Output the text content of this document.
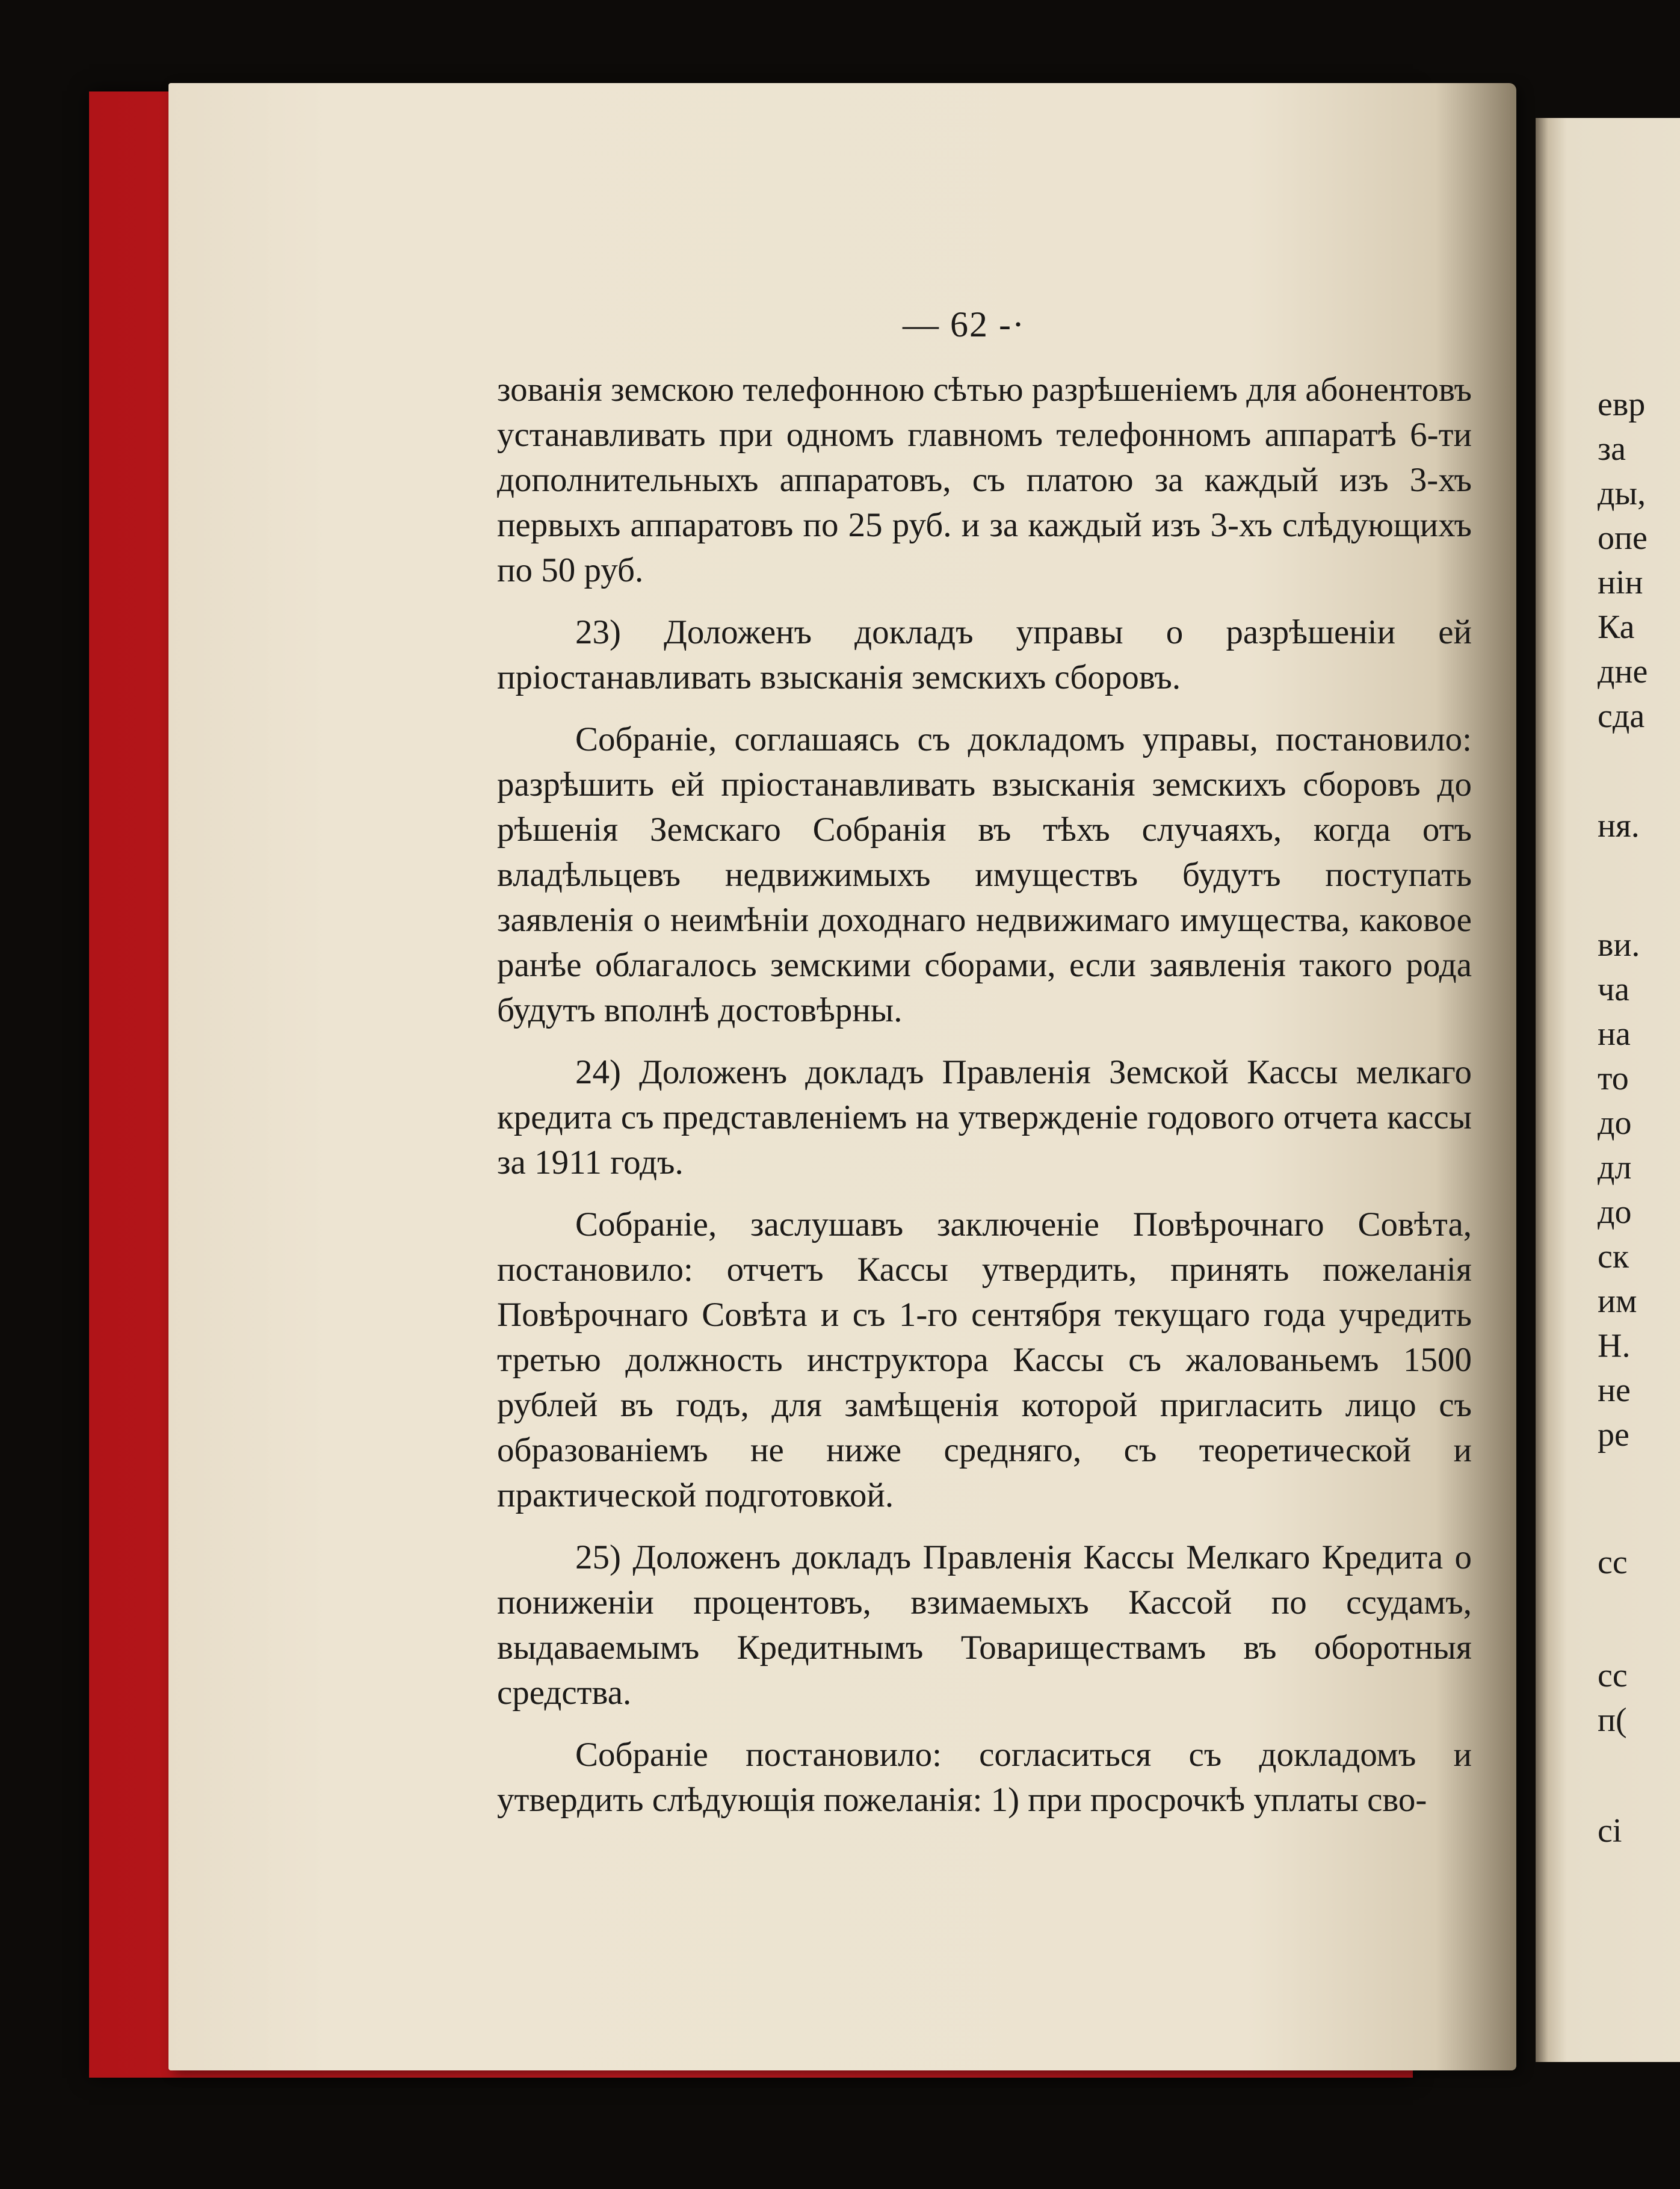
— 62 -·

зованія земскою телефонною сѣтью разрѣшеніемъ для абонентовъ устанавливать при одномъ главномъ телефонномъ аппаратѣ 6-ти дополнительныхъ аппаратовъ, съ платою за каждый изъ 3-хъ первыхъ аппаратовъ по 25 руб. и за каждый изъ 3-хъ слѣдующихъ по 50 руб.

23) Доложенъ докладъ управы о разрѣшеніи ей пріостанавливать взысканія земскихъ сборовъ.

Собраніе, соглашаясь съ докладомъ управы, постановило: разрѣшить ей пріостанавливать взысканія земскихъ сборовъ до рѣшенія Земскаго Собранія въ тѣхъ случаяхъ, когда отъ владѣльцевъ недвижимыхъ имуществъ будутъ поступать заявленія о неимѣніи доходнаго недвижимаго имущества, каковое ранѣе облагалось земскими сборами, если заявленія такого рода будутъ вполнѣ достовѣрны.

24) Доложенъ докладъ Правленія Земской Кассы мелкаго кредита съ представленіемъ на утвержденіе годового отчета кассы за 1911 годъ.

Собраніе, заслушавъ заключеніе Повѣрочнаго Совѣта, постановило: отчетъ Кассы утвердить, принять пожеланія Повѣрочнаго Совѣта и съ 1-го сентября текущаго года учредить третью должность инструктора Кассы съ жалованьемъ 1500 рублей въ годъ, для замѣщенія которой пригласить лицо съ образованіемъ не ниже средняго, съ теоретической и практической подготовкой.

25) Доложенъ докладъ Правленія Кассы Мелкаго Кредита о пониженіи процентовъ, взимаемыхъ Кассой по ссудамъ, выдаваемымъ Кредитнымъ Товариществамъ въ оборотныя средства.

Собраніе постановило: согласиться съ докладомъ и утвердить слѣдующія пожеланія: 1) при просрочкѣ уплаты сво-

евр
за
ды,
опе
нін
Ка
дне
сда
ня.
ви.
ча
на
то
до
дл
до
ск
им
Н.
не
ре
сс
сс
п(
сі
